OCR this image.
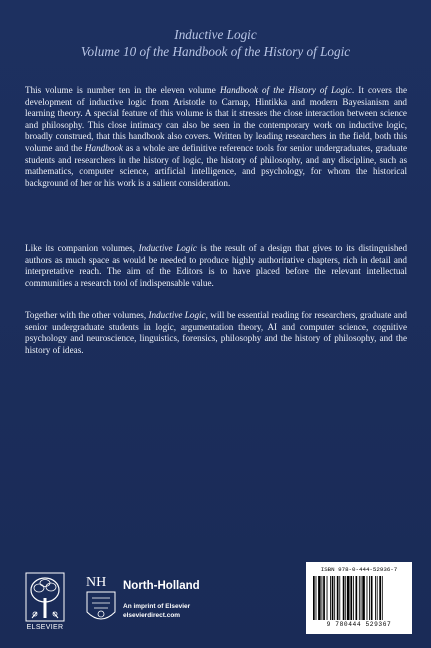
Inductive Logic
Volume 10 of the Handbook of the History of Logic
This volume is number ten in the eleven volume Handbook of the History of Logic. It covers the development of inductive logic from Aristotle to Carnap, Hintikka and modern Bayesianism and learning theory. A special feature of this volume is that it stresses the close interaction between science and philosophy. This close intimacy can also be seen in the contemporary work on inductive logic, broadly construed, that this handbook also covers. Written by leading researchers in the field, both this volume and the Handbook as a whole are definitive reference tools for senior undergraduates, graduate students and researchers in the history of logic, the history of philosophy, and any discipline, such as mathematics, computer science, artificial intelligence, and psychology, for whom the historical background of her or his work is a salient consideration.
Like its companion volumes, Inductive Logic is the result of a design that gives to its distinguished authors as much space as would be needed to produce highly authoritative chapters, rich in detail and interpretative reach. The aim of the Editors is to have placed before the relevant intellectual communities a research tool of indispensable value.
Together with the other volumes, Inductive Logic, will be essential reading for researchers, graduate and senior undergraduate students in logic, argumentation theory, AI and computer science, cognitive psychology and neuroscience, linguistics, forensics, philosophy and the history of philosophy, and the history of ideas.
ELSEVIER
NH North-Holland
An imprint of Elsevier
elsevierdirect.com
ISBN 978-0-444-52936-7
9 780444 529367
